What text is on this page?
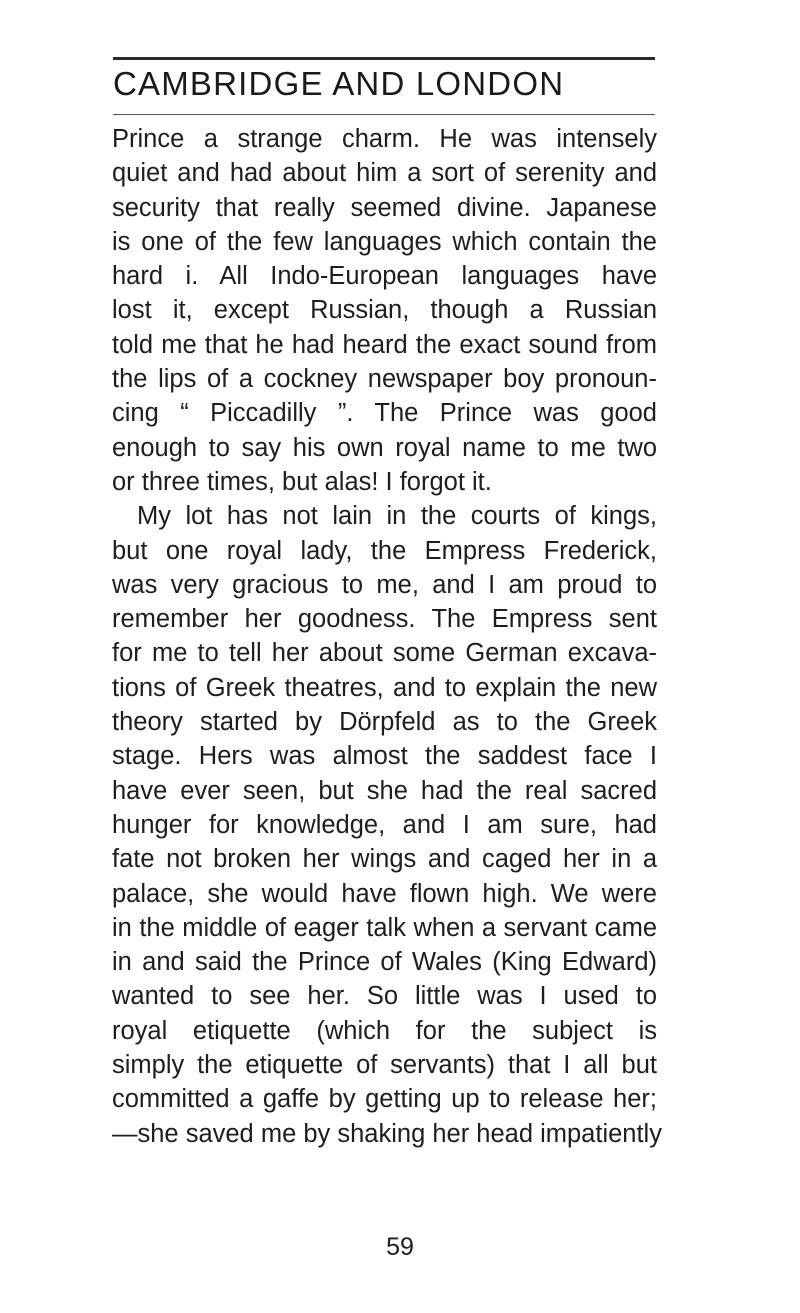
CAMBRIDGE AND LONDON
Prince a strange charm. He was intensely
quiet and had about him a sort of serenity and
security that really seemed divine. Japanese
is one of the few languages which contain the
hard i. All Indo-European languages have
lost it, except Russian, though a Russian
told me that he had heard the exact sound from
the lips of a cockney newspaper boy pronoun-
cing “ Piccadilly ”. The Prince was good
enough to say his own royal name to me two
or three times, but alas! I forgot it.
My lot has not lain in the courts of kings,
but one royal lady, the Empress Frederick,
was very gracious to me, and I am proud to
remember her goodness. The Empress sent
for me to tell her about some German excava-
tions of Greek theatres, and to explain the new
theory started by Dörpfeld as to the Greek
stage. Hers was almost the saddest face I
have ever seen, but she had the real sacred
hunger for knowledge, and I am sure, had
fate not broken her wings and caged her in a
palace, she would have flown high. We were
in the middle of eager talk when a servant came
in and said the Prince of Wales (King Edward)
wanted to see her. So little was I used to
royal etiquette (which for the subject is
simply the etiquette of servants) that I all but
committed a gaffe by getting up to release her;
—she saved me by shaking her head impatiently
59
